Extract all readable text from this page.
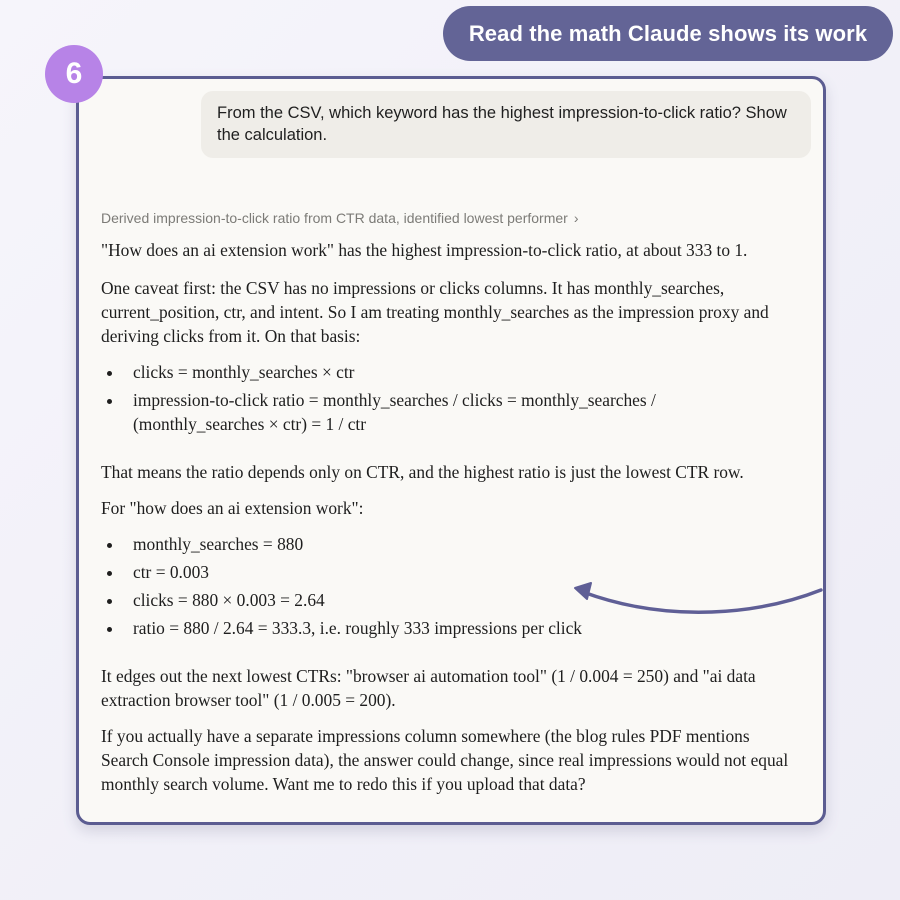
Read the math Claude shows its work
6
From the CSV, which keyword has the highest impression-to-click ratio? Show the calculation.
Derived impression-to-click ratio from CTR data, identified lowest performer ›

"How does an ai extension work" has the highest impression-to-click ratio, at about 333 to 1.

One caveat first: the CSV has no impressions or clicks columns. It has monthly_searches, current_position, ctr, and intent. So I am treating monthly_searches as the impression proxy and deriving clicks from it. On that basis:

clicks = monthly_searches × ctr
impression-to-click ratio = monthly_searches / clicks = monthly_searches / (monthly_searches × ctr) = 1 / ctr

That means the ratio depends only on CTR, and the highest ratio is just the lowest CTR row.

For "how does an ai extension work":

monthly_searches = 880
ctr = 0.003
clicks = 880 × 0.003 = 2.64
ratio = 880 / 2.64 = 333.3, i.e. roughly 333 impressions per click

It edges out the next lowest CTRs: "browser ai automation tool" (1 / 0.004 = 250) and "ai data extraction browser tool" (1 / 0.005 = 200).

If you actually have a separate impressions column somewhere (the blog rules PDF mentions Search Console impression data), the answer could change, since real impressions would not equal monthly search volume. Want me to redo this if you upload that data?
